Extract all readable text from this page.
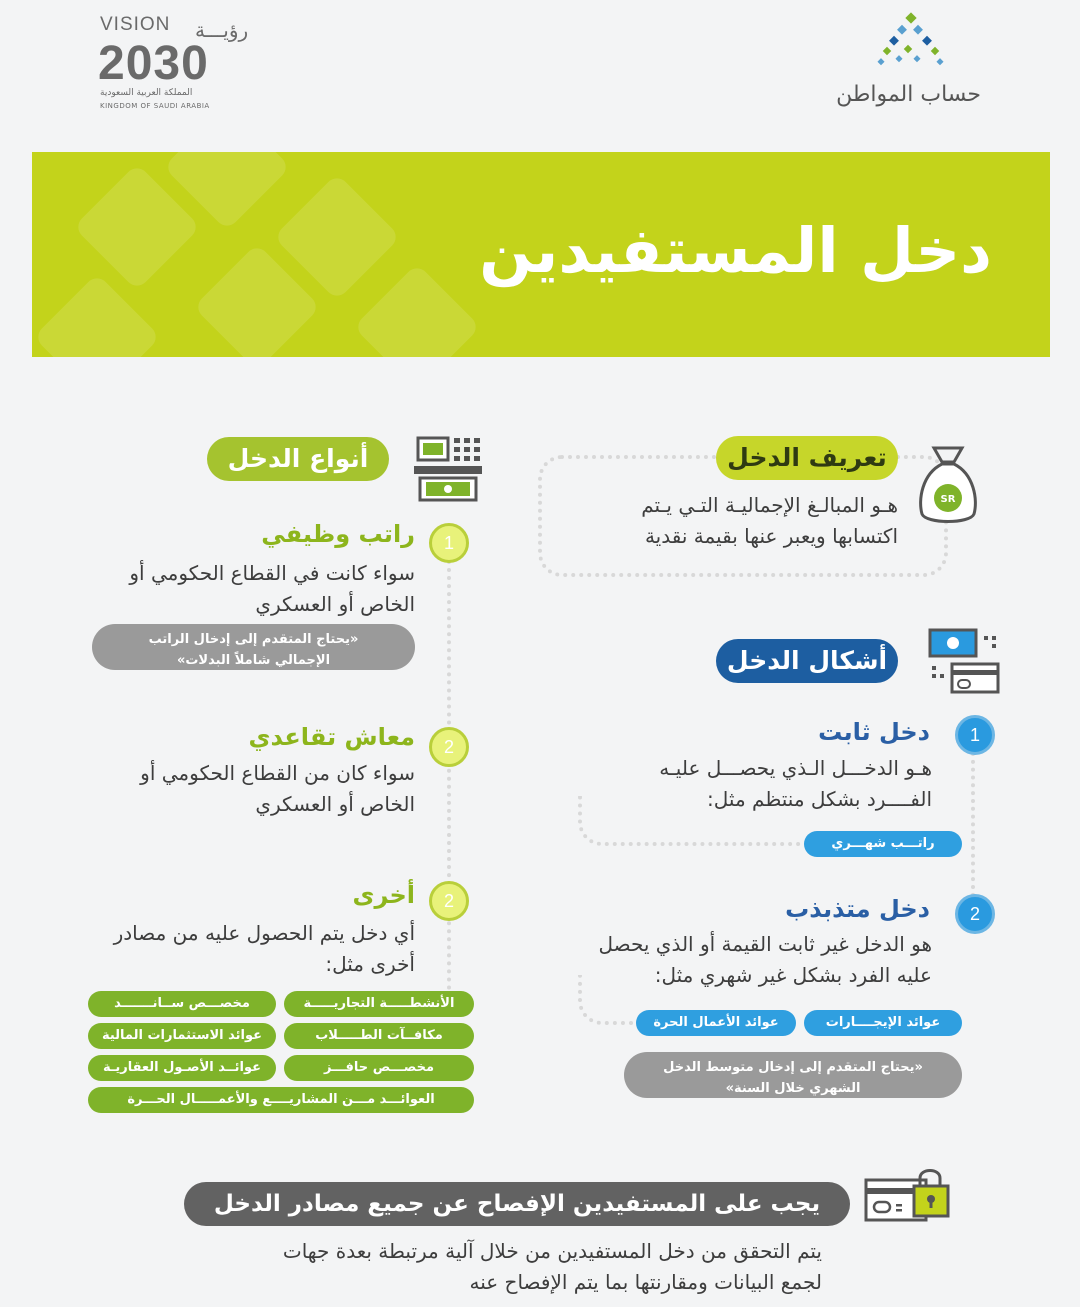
VISION رؤيـــة
2030
المملكة العربية السعودية
KINGDOM OF SAUDI ARABIA	حساب المواطن
دخل المستفيدين
تعريف الدخل
هـو المبالـغ الإجماليـة التـي يـتم
اكتسابها ويعبر عنها بقيمة نقدية
SR
أنواع الدخل
1
راتب وظيفي
سواء كانت في القطاع الحكومي أو
الخاص أو العسكري
«يحتاج المتقدم إلى إدخال الراتب
الإجمالي شاملاً البدلات»
2
معاش تقاعدي
سواء كان من القطاع الحكومي أو
الخاص أو العسكري
2
أخرى
أي دخل يتم الحصول عليه من مصادر
أخرى مثل:
الأنشطـــــة التجاريـــــة
مخصـــص ســانـــــــد
مكافــآت الطـــــلاب
عوائد الاستثمارات المالية
مخصـــص حافـــز
عوائــد الأصـول العقاريـة
العوائـــد مـــن المشاريــــع والأعمـــــال الحـــرة
أشكال الدخل
1
دخل ثابت
هـو الدخـــل الـذي يحصـــل عليـه
الفــــرد بشكل منتظم مثل:
راتـــب شهـــري
2
دخل متذبذب
هو الدخل غير ثابت القيمة أو الذي يحصل
عليه الفرد بشكل غير شهري مثل:
عوائد الإيجــــارات
عوائد الأعمال الحرة
«يحتاج المتقدم إلى إدخال متوسط الدخل
الشهري خلال السنة»
يجب على المستفيدين الإفصاح عن جميع مصادر الدخل
يتم التحقق من دخل المستفيدين من خلال آلية مرتبطة بعدة جهات
لجمع البيانات ومقارنتها بما يتم الإفصاح عنه
